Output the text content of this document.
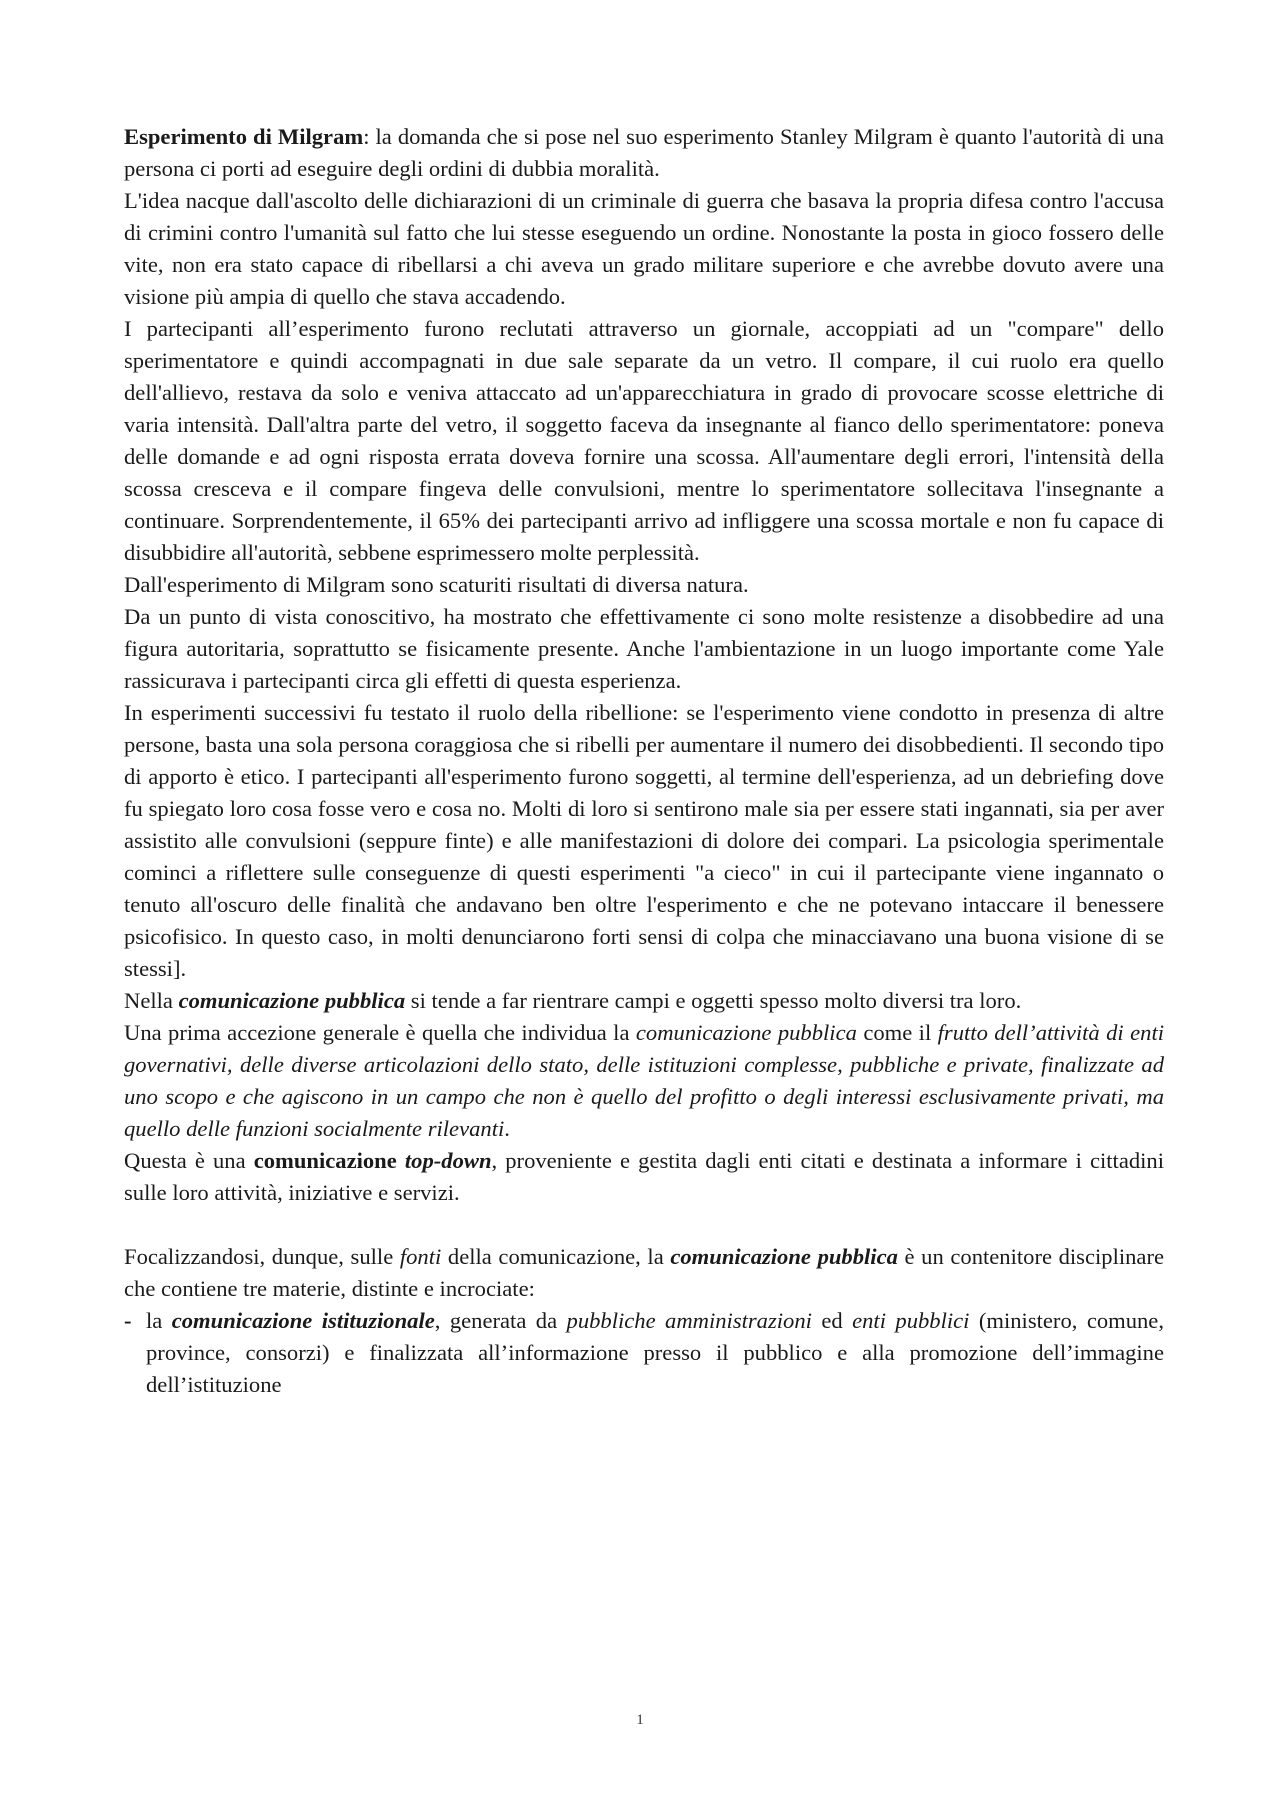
Esperimento di Milgram: la domanda che si pose nel suo esperimento Stanley Milgram è quanto l'autorità di una persona ci porti ad eseguire degli ordini di dubbia moralità.

L'idea nacque dall'ascolto delle dichiarazioni di un criminale di guerra che basava la propria difesa contro l'accusa di crimini contro l'umanità sul fatto che lui stesse eseguendo un ordine. Nonostante la posta in gioco fossero delle vite, non era stato capace di ribellarsi a chi aveva un grado militare superiore e che avrebbe dovuto avere una visione più ampia di quello che stava accadendo.

I partecipanti all’esperimento furono reclutati attraverso un giornale, accoppiati ad un "compare" dello sperimentatore e quindi accompagnati in due sale separate da un vetro. Il compare, il cui ruolo era quello dell'allievo, restava da solo e veniva attaccato ad un'apparecchiatura in grado di provocare scosse elettriche di varia intensità. Dall'altra parte del vetro, il soggetto faceva da insegnante al fianco dello sperimentatore: poneva delle domande e ad ogni risposta errata doveva fornire una scossa. All'aumentare degli errori, l'intensità della scossa cresceva e il compare fingeva delle convulsioni, mentre lo sperimentatore sollecitava l'insegnante a continuare. Sorprendentemente, il 65% dei partecipanti arrivo ad infliggere una scossa mortale e non fu capace di disubbidire all'autorità, sebbene esprimessero molte perplessità.

Dall'esperimento di Milgram sono scaturiti risultati di diversa natura.

Da un punto di vista conoscitivo, ha mostrato che effettivamente ci sono molte resistenze a disobbedire ad una figura autoritaria, soprattutto se fisicamente presente. Anche l'ambientazione in un luogo importante come Yale rassicurava i partecipanti circa gli effetti di questa esperienza.

In esperimenti successivi fu testato il ruolo della ribellione: se l'esperimento viene condotto in presenza di altre persone, basta una sola persona coraggiosa che si ribelli per aumentare il numero dei disobbedienti. Il secondo tipo di apporto è etico. I partecipanti all'esperimento furono soggetti, al termine dell'esperienza, ad un debriefing dove fu spiegato loro cosa fosse vero e cosa no. Molti di loro si sentirono male sia per essere stati ingannati, sia per aver assistito alle convulsioni (seppure finte) e alle manifestazioni di dolore dei compari. La psicologia sperimentale cominci a riflettere sulle conseguenze di questi esperimenti "a cieco" in cui il partecipante viene ingannato o tenuto all'oscuro delle finalità che andavano ben oltre l'esperimento e che ne potevano intaccare il benessere psicofisico. In questo caso, in molti denunciarono forti sensi di colpa che minacciavano una buona visione di se stessi].

Nella comunicazione pubblica si tende a far rientrare campi e oggetti spesso molto diversi tra loro.

Una prima accezione generale è quella che individua la comunicazione pubblica come il frutto dell’attività di enti governativi, delle diverse articolazioni dello stato, delle istituzioni complesse, pubbliche e private, finalizzate ad uno scopo e che agiscono in un campo che non è quello del profitto o degli interessi esclusivamente privati, ma quello delle funzioni socialmente rilevanti.

Questa è una comunicazione top-down, proveniente e gestita dagli enti citati e destinata a informare i cittadini sulle loro attività, iniziative e servizi.

Focalizzandosi, dunque, sulle fonti della comunicazione, la comunicazione pubblica è un contenitore disciplinare che contiene tre materie, distinte e incrociate:

- la comunicazione istituzionale, generata da pubbliche amministrazioni ed enti pubblici (ministero, comune, province, consorzi) e finalizzata all’informazione presso il pubblico e alla promozione dell’immagine dell’istituzione
1
